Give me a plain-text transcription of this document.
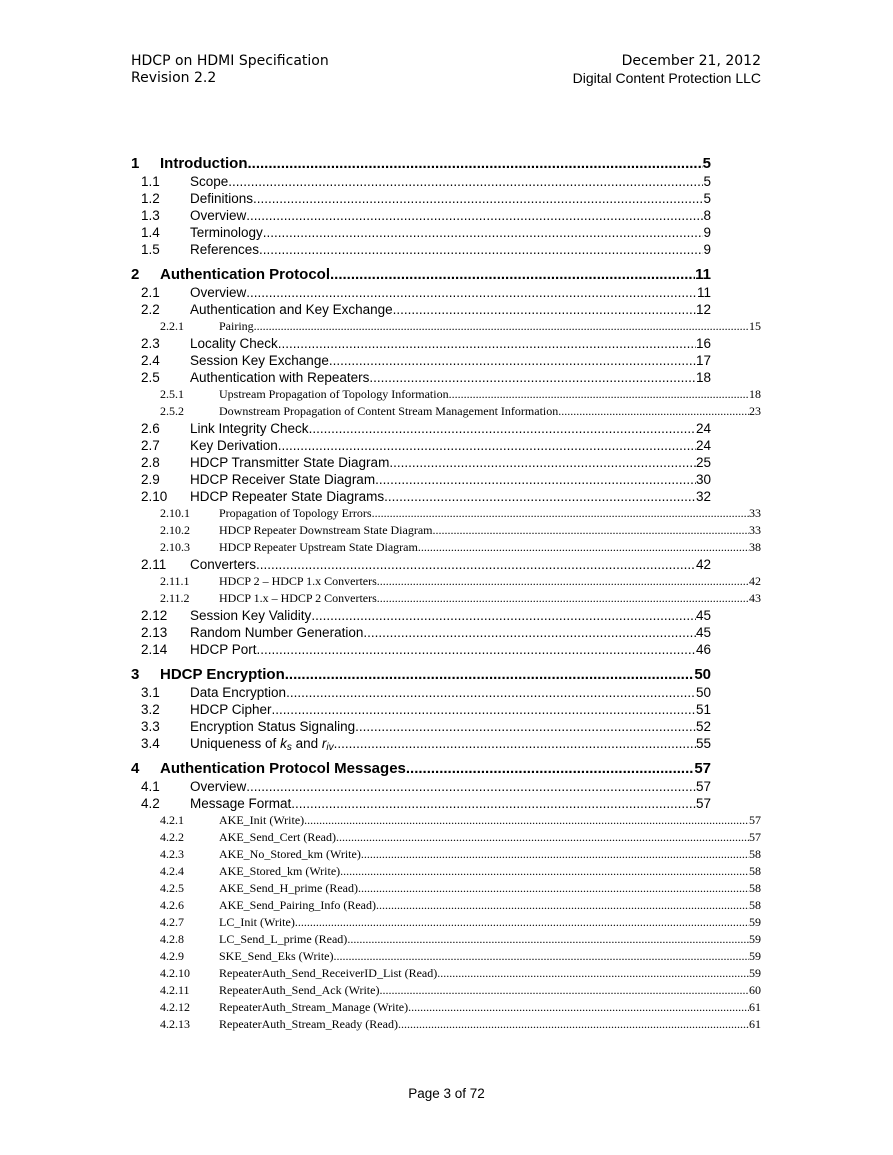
HDCP on HDMI Specification
Revision 2.2
December 21, 2012
Digital Content Protection LLC
1	Introduction .....	5
1.1	Scope .....	5
1.2	Definitions .....	5
1.3	Overview .....	8
1.4	Terminology .....	9
1.5	References .....	9
2	Authentication Protocol .....	11
2.1	Overview .....	11
2.2	Authentication and Key Exchange .....	12
2.2.1	Pairing .....	15
2.3	Locality Check .....	16
2.4	Session Key Exchange .....	17
2.5	Authentication with Repeaters .....	18
2.5.1	Upstream Propagation of Topology Information .....	18
2.5.2	Downstream Propagation of Content Stream Management Information .....	23
2.6	Link Integrity Check .....	24
2.7	Key Derivation .....	24
2.8	HDCP Transmitter State Diagram .....	25
2.9	HDCP Receiver State Diagram .....	30
2.10	HDCP Repeater State Diagrams .....	32
2.10.1	Propagation of Topology Errors .....	33
2.10.2	HDCP Repeater Downstream State Diagram .....	33
2.10.3	HDCP Repeater Upstream State Diagram .....	38
2.11	Converters .....	42
2.11.1	HDCP 2 – HDCP 1.x Converters .....	42
2.11.2	HDCP 1.x – HDCP 2 Converters .....	43
2.12	Session Key Validity .....	45
2.13	Random Number Generation .....	45
2.14	HDCP Port .....	46
3	HDCP Encryption .....	50
3.1	Data Encryption .....	50
3.2	HDCP Cipher .....	51
3.3	Encryption Status Signaling .....	52
3.4	Uniqueness of $k_s$ and $r_{iv}$ .....	55
4	Authentication Protocol Messages .....	57
4.1	Overview .....	57
4.2	Message Format .....	57
4.2.1	AKE_Init (Write) .....	57
4.2.2	AKE_Send_Cert (Read) .....	57
4.2.3	AKE_No_Stored_km (Write) .....	58
4.2.4	AKE_Stored_km (Write) .....	58
4.2.5	AKE_Send_H_prime (Read) .....	58
4.2.6	AKE_Send_Pairing_Info (Read) .....	58
4.2.7	LC_Init (Write) .....	59
4.2.8	LC_Send_L_prime (Read) .....	59
4.2.9	SKE_Send_Eks (Write) .....	59
4.2.10	RepeaterAuth_Send_ReceiverID_List (Read) .....	59
4.2.11	RepeaterAuth_Send_Ack (Write) .....	60
4.2.12	RepeaterAuth_Stream_Manage (Write) .....	61
4.2.13	RepeaterAuth_Stream_Ready (Read) .....	61
Page 3 of 72
